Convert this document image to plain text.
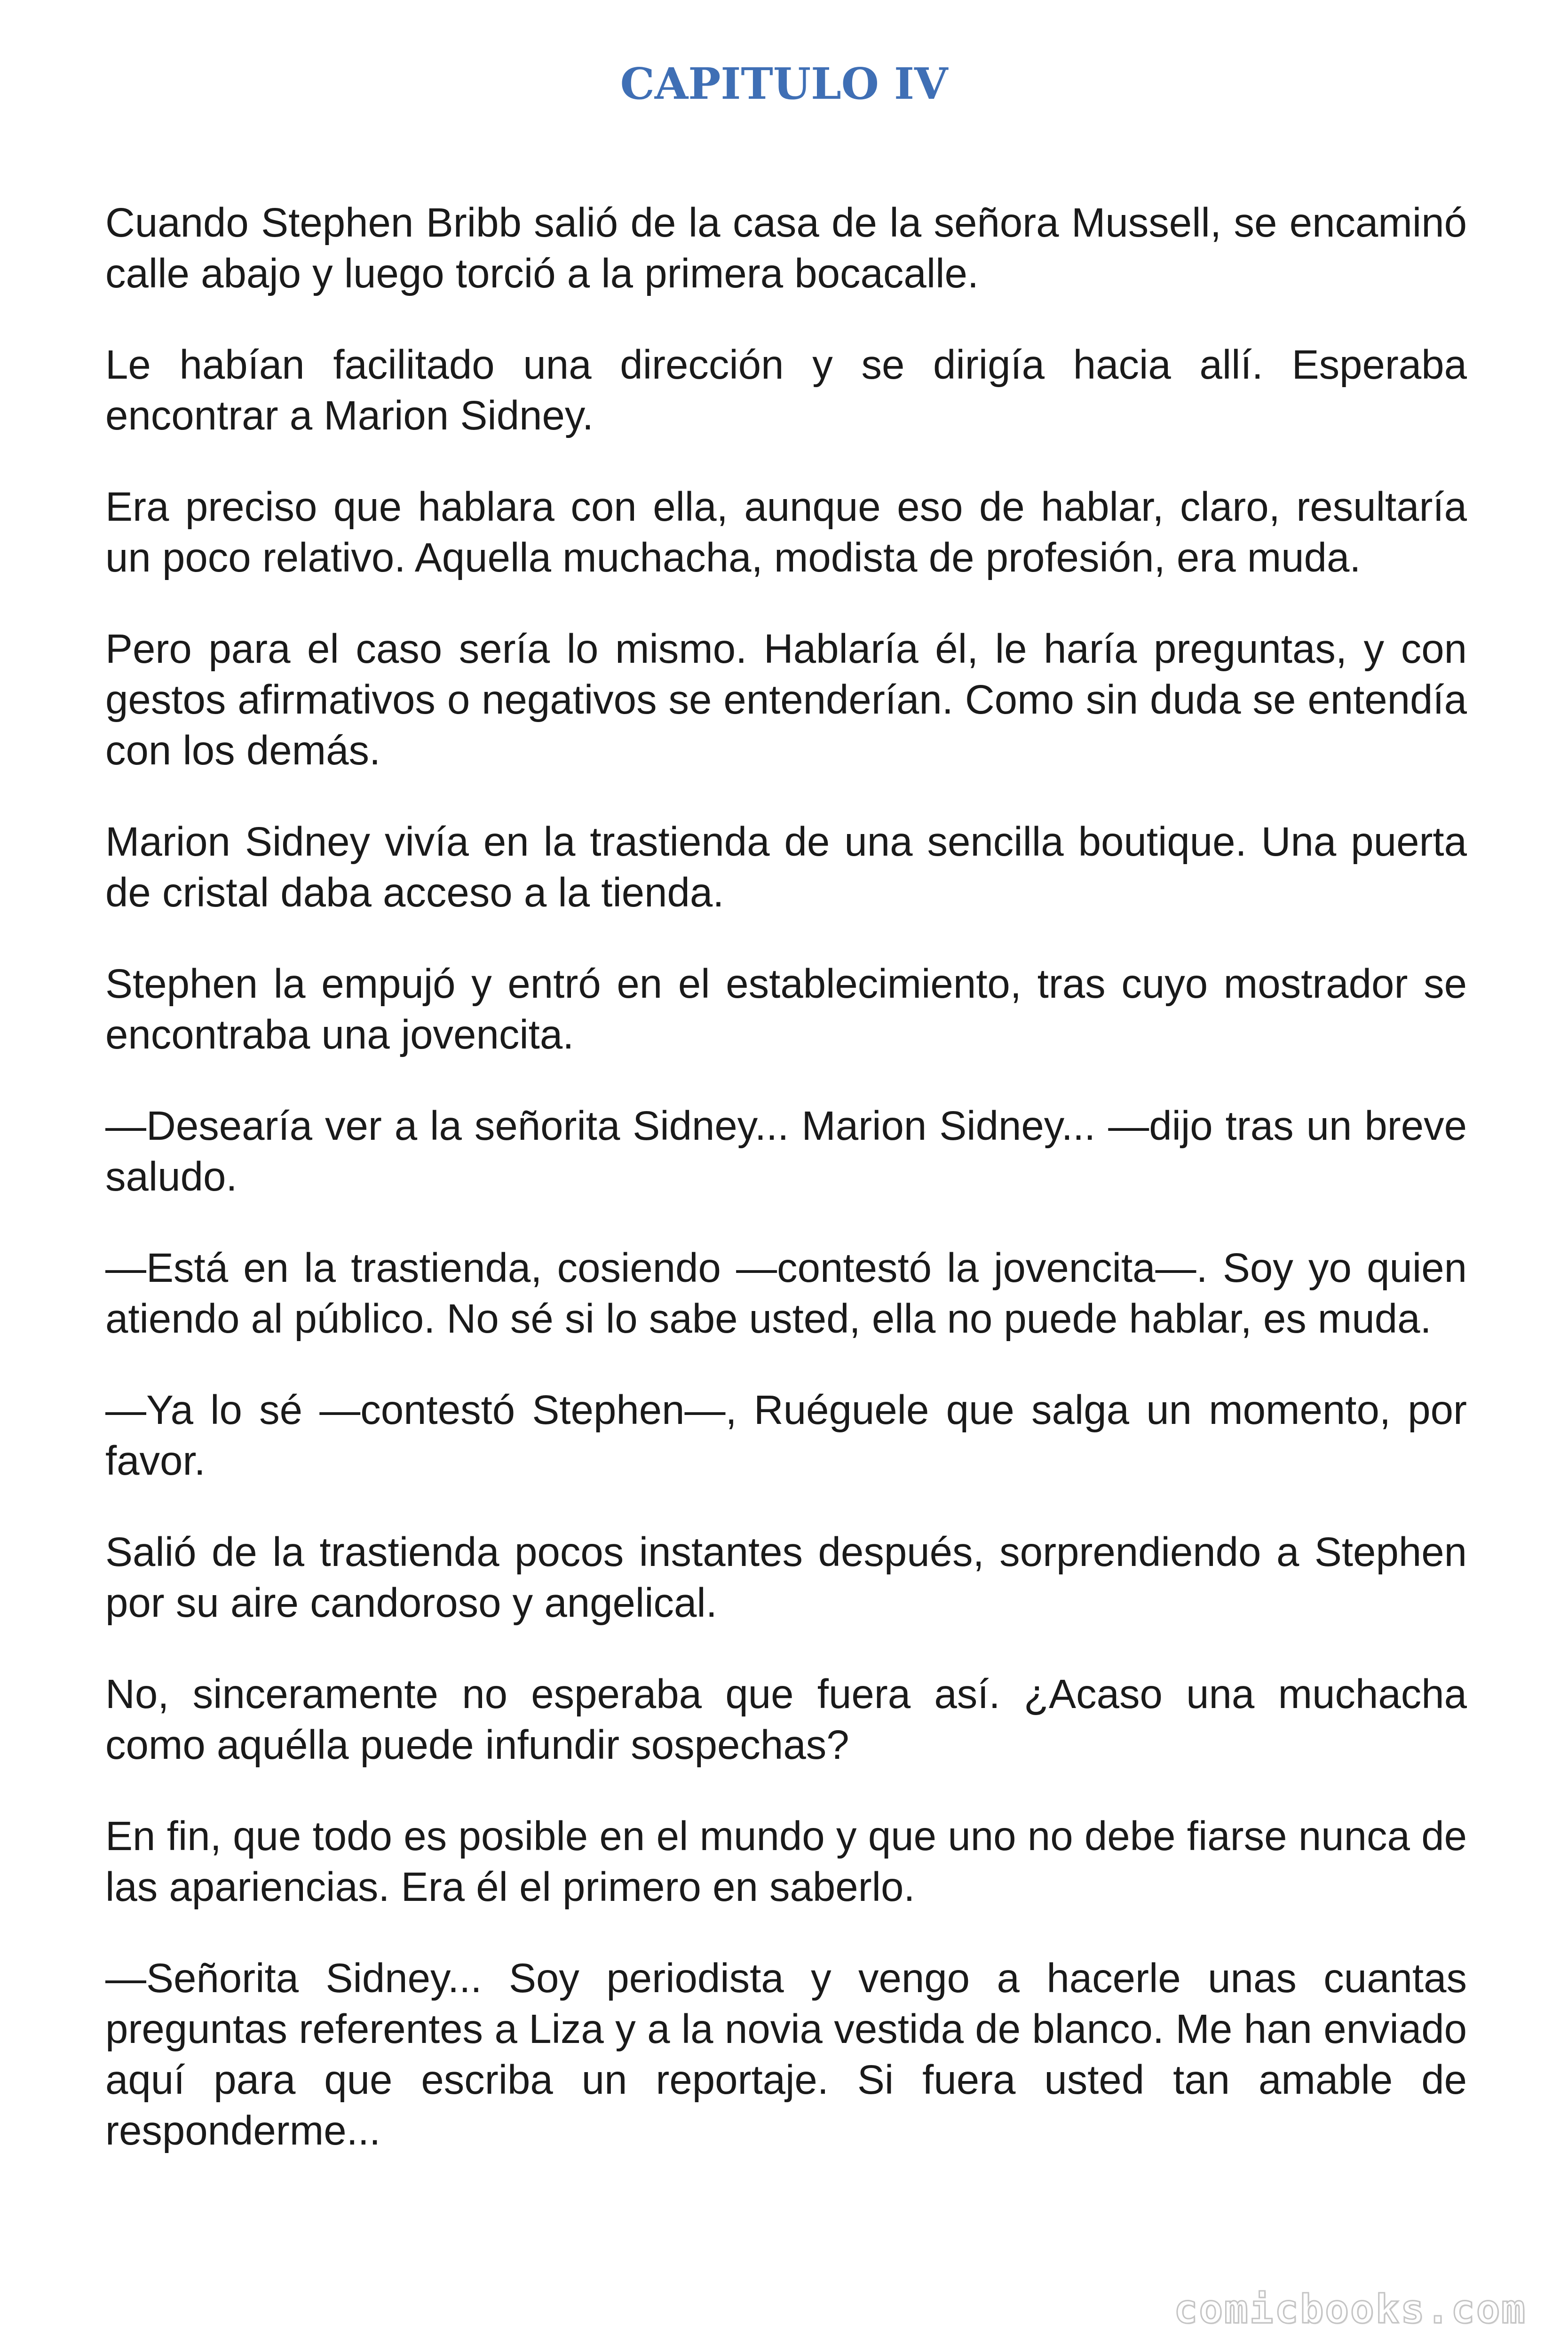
CAPITULO IV

Cuando Stephen Bribb salió de la casa de la señora Mussell, se encaminó calle abajo y luego torció a la primera bocacalle.

Le habían facilitado una dirección y se dirigía hacia allí. Esperaba encontrar a Marion Sidney.

Era preciso que hablara con ella, aunque eso de hablar, claro, resultaría un poco relativo. Aquella muchacha, modista de profesión, era muda.

Pero para el caso sería lo mismo. Hablaría él, le haría preguntas, y con gestos afirmativos o negativos se entenderían. Como sin duda se entendía con los demás.

Marion Sidney vivía en la trastienda de una sencilla boutique. Una puerta de cristal daba acceso a la tienda.

Stephen la empujó y entró en el establecimiento, tras cuyo mostrador se encontraba una jovencita.

—Desearía ver a la señorita Sidney... Marion Sidney... —dijo tras un breve saludo.

—Está en la trastienda, cosiendo —contestó la jovencita—. Soy yo quien atiendo al público. No sé si lo sabe usted, ella no puede hablar, es muda.

—Ya lo sé —contestó Stephen—, Ruéguele que salga un momento, por favor.

Salió de la trastienda pocos instantes después, sorprendiendo a Stephen por su aire candoroso y angelical.

No, sinceramente no esperaba que fuera así. ¿Acaso una muchacha como aquélla puede infundir sospechas?

En fin, que todo es posible en el mundo y que uno no debe fiarse nunca de las apariencias. Era él el primero en saberlo.

—Señorita Sidney... Soy periodista y vengo a hacerle unas cuantas preguntas referentes a Liza y a la novia vestida de blanco. Me han enviado aquí para que escriba un reportaje. Si fuera usted tan amable de responderme...

comicbooks.com
